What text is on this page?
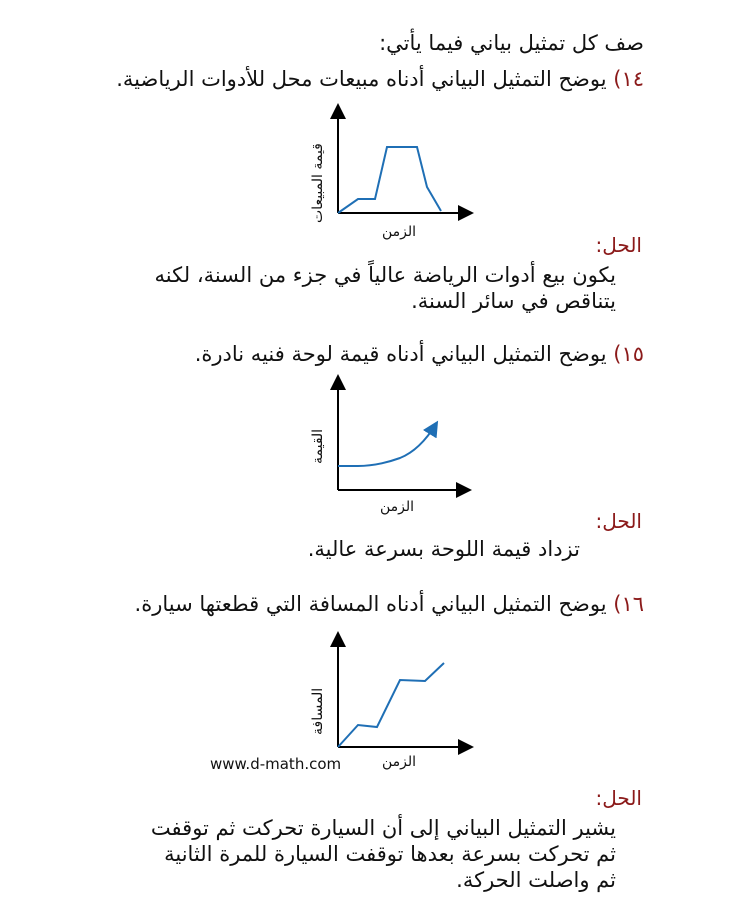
صف كل تمثيل بياني فيما يأتي:
١٤) يوضح التمثيل البياني أدناه مبيعات محل للأدوات الرياضية.
قيمة المبيعات
الزمن
الحل:
يكون بيع أدوات الرياضة عالياً في جزء من السنة، لكنه
يتناقص في سائر السنة.
١٥) يوضح التمثيل البياني أدناه قيمة لوحة فنيه نادرة.
القيمة
الزمن
الحل:
تزداد قيمة اللوحة بسرعة عالية.
١٦) يوضح التمثيل البياني أدناه المسافة التي قطعتها سيارة.
المسافة
الزمن
www.d-math.com
الحل:
يشير التمثيل البياني إلى أن السيارة تحركت ثم توقفت
ثم تحركت بسرعة بعدها توقفت السيارة للمرة الثانية
ثم واصلت الحركة.
